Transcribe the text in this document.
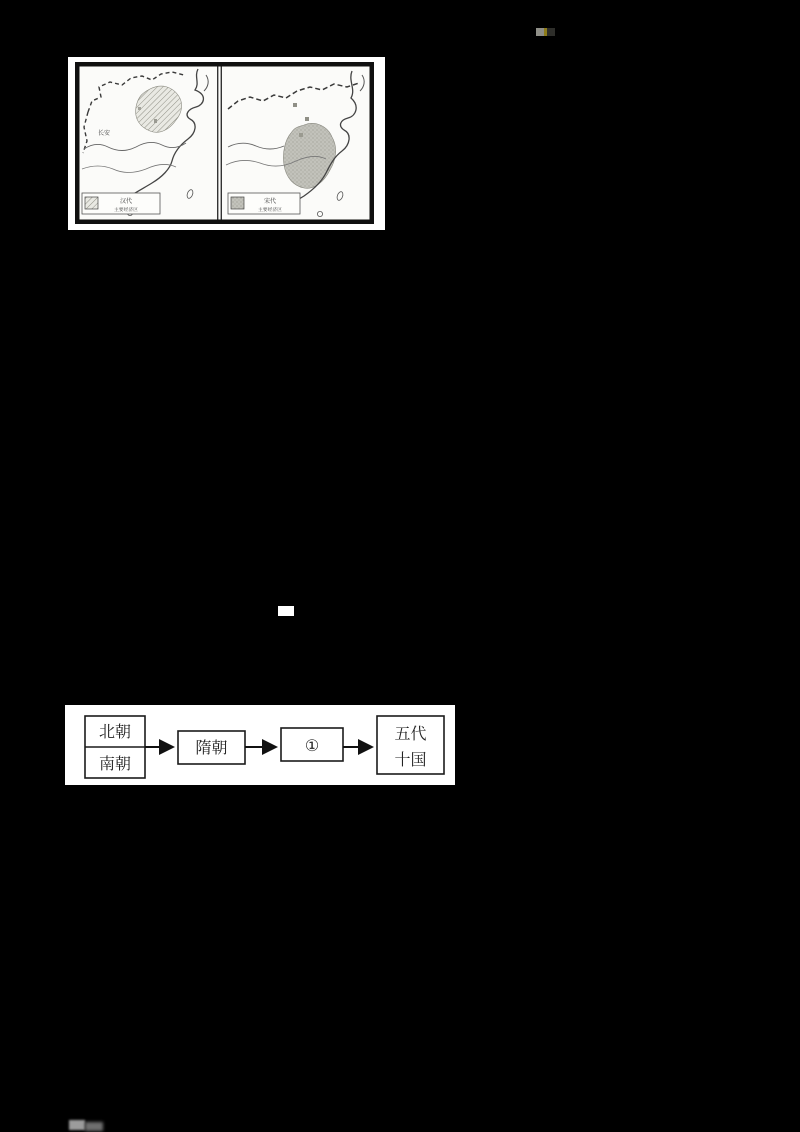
长安
汉代
主要经济区
宋代
主要经济区
北朝
南朝
隋朝	①
五代
十国
